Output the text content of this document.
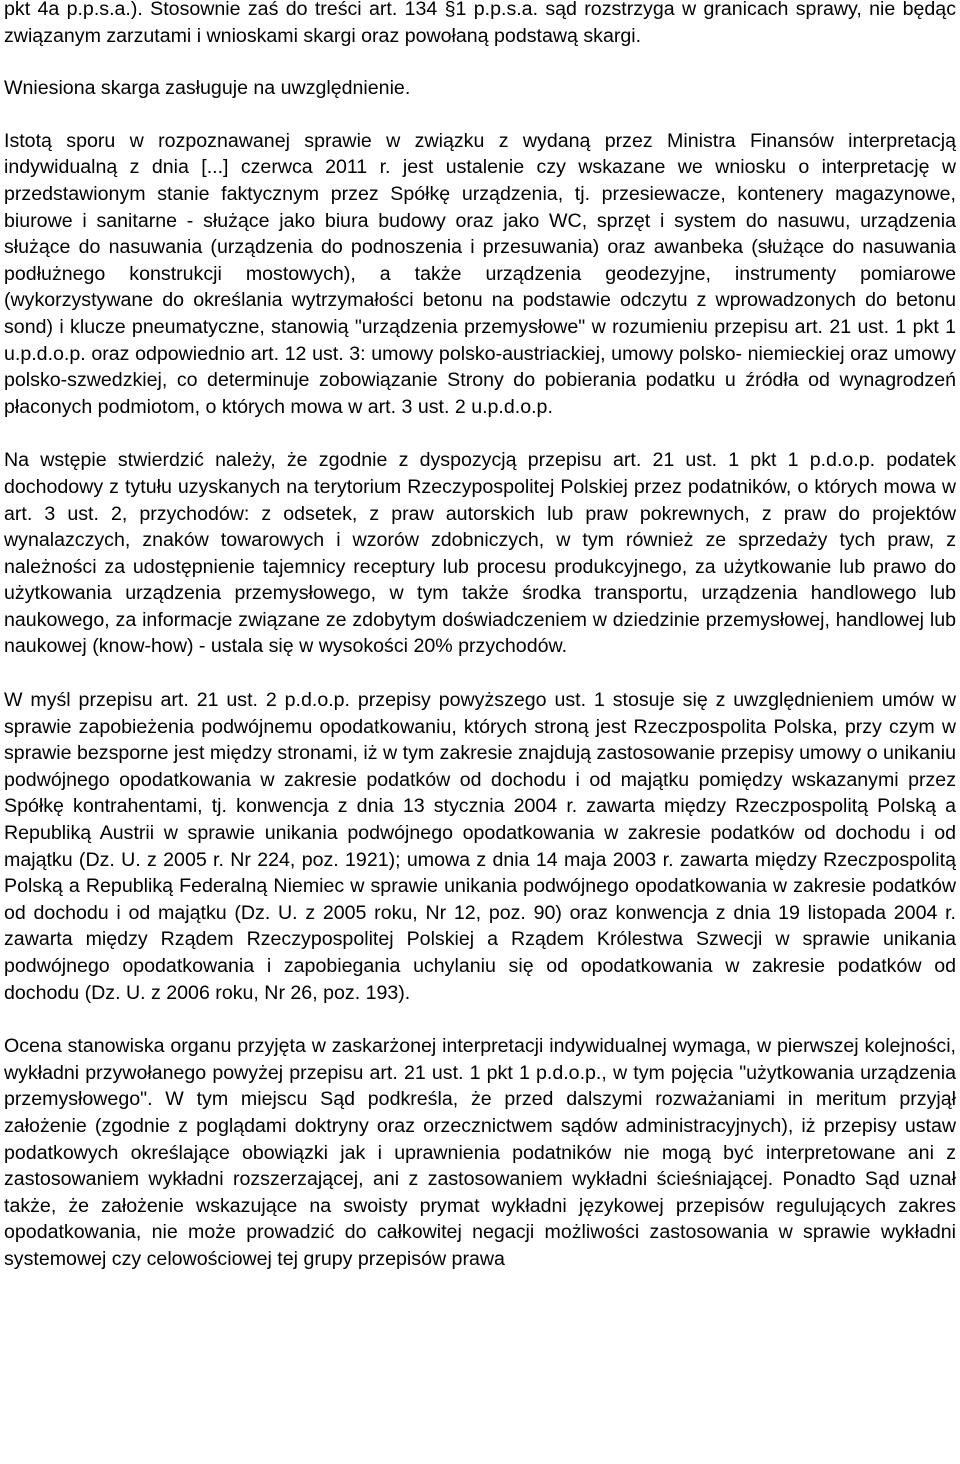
pkt 4a p.p.s.a.). Stosownie zaś do treści art. 134 §1 p.p.s.a. sąd rozstrzyga w granicach sprawy, nie będąc związanym zarzutami i wnioskami skargi oraz powołaną podstawą skargi.

Wniesiona skarga zasługuje na uwzględnienie.

Istotą sporu w rozpoznawanej sprawie w związku z wydaną przez Ministra Finansów interpretacją indywidualną z dnia [...] czerwca 2011 r. jest ustalenie czy wskazane we wniosku o interpretację w przedstawionym stanie faktycznym przez Spółkę urządzenia, tj. przesiewacze, kontenery magazynowe, biurowe i sanitarne - służące jako biura budowy oraz jako WC, sprzęt i system do nasuwu, urządzenia służące do nasuwania (urządzenia do podnoszenia i przesuwania) oraz awanbeka (służące do nasuwania podłużnego konstrukcji mostowych), a także urządzenia geodezyjne, instrumenty pomiarowe (wykorzystywane do określania wytrzymałości betonu na podstawie odczytu z wprowadzonych do betonu sond) i klucze pneumatyczne, stanowią "urządzenia przemysłowe" w rozumieniu przepisu art. 21 ust. 1 pkt 1 u.p.d.o.p. oraz odpowiednio art. 12 ust. 3: umowy polsko-austriackiej, umowy polsko- niemieckiej oraz umowy polsko-szwedzkiej, co determinuje zobowiązanie Strony do pobierania podatku u źródła od wynagrodzeń płaconych podmiotom, o których mowa w art. 3 ust. 2 u.p.d.o.p.

Na wstępie stwierdzić należy, że zgodnie z dyspozycją przepisu art. 21 ust. 1 pkt 1 p.d.o.p. podatek dochodowy z tytułu uzyskanych na terytorium Rzeczypospolitej Polskiej przez podatników, o których mowa w art. 3 ust. 2, przychodów: z odsetek, z praw autorskich lub praw pokrewnych, z praw do projektów wynalazczych, znaków towarowych i wzorów zdobniczych, w tym również ze sprzedaży tych praw, z należności za udostępnienie tajemnicy receptury lub procesu produkcyjnego, za użytkowanie lub prawo do użytkowania urządzenia przemysłowego, w tym także środka transportu, urządzenia handlowego lub naukowego, za informacje związane ze zdobytym doświadczeniem w dziedzinie przemysłowej, handlowej lub naukowej (know-how) - ustala się w wysokości 20% przychodów.

W myśl przepisu art. 21 ust. 2 p.d.o.p. przepisy powyższego ust. 1 stosuje się z uwzględnieniem umów w sprawie zapobieżenia podwójnemu opodatkowaniu, których stroną jest Rzeczpospolita Polska, przy czym w sprawie bezsporne jest między stronami, iż w tym zakresie znajdują zastosowanie przepisy umowy o unikaniu podwójnego opodatkowania w zakresie podatków od dochodu i od majątku pomiędzy wskazanymi przez Spółkę kontrahentami, tj. konwencja z dnia 13 stycznia 2004 r. zawarta między Rzeczpospolitą Polską a Republiką Austrii w sprawie unikania podwójnego opodatkowania w zakresie podatków od dochodu i od majątku (Dz. U. z 2005 r. Nr 224, poz. 1921); umowa z dnia 14 maja 2003 r. zawarta między Rzeczpospolitą Polską a Republiką Federalną Niemiec w sprawie unikania podwójnego opodatkowania w zakresie podatków od dochodu i od majątku (Dz. U. z 2005 roku, Nr 12, poz. 90) oraz konwencja z dnia 19 listopada 2004 r. zawarta między Rządem Rzeczypospolitej Polskiej a Rządem Królestwa Szwecji w sprawie unikania podwójnego opodatkowania i zapobiegania uchylaniu się od opodatkowania w zakresie podatków od dochodu (Dz. U. z 2006 roku, Nr 26, poz. 193).

Ocena stanowiska organu przyjęta w zaskarżonej interpretacji indywidualnej wymaga, w pierwszej kolejności, wykładni przywołanego powyżej przepisu art. 21 ust. 1 pkt 1 p.d.o.p., w tym pojęcia "użytkowania urządzenia przemysłowego". W tym miejscu Sąd podkreśla, że przed dalszymi rozważaniami in meritum przyjął założenie (zgodnie z poglądami doktryny oraz orzecznictwem sądów administracyjnych), iż przepisy ustaw podatkowych określające obowiązki jak i uprawnienia podatników nie mogą być interpretowane ani z zastosowaniem wykładni rozszerzającej, ani z zastosowaniem wykładni ścieśniającej. Ponadto Sąd uznał także, że założenie wskazujące na swoisty prymat wykładni językowej przepisów regulujących zakres opodatkowania, nie może prowadzić do całkowitej negacji możliwości zastosowania w sprawie wykładni systemowej czy celowościowej tej grupy przepisów prawa
